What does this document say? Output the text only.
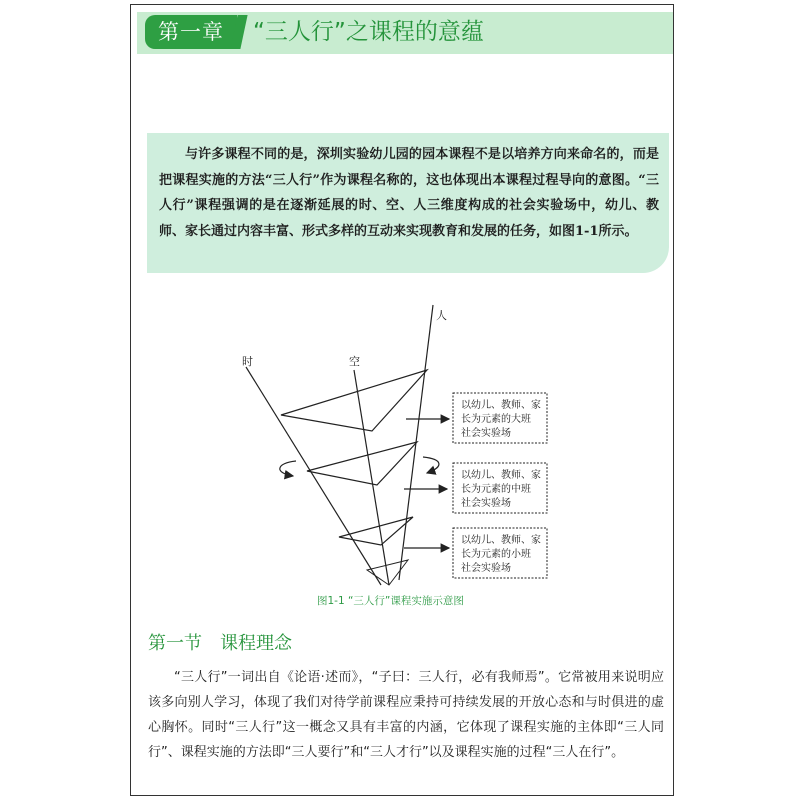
第一章	“三人行”之课程的意蕴
与许多课程不同的是，深圳实验幼儿园的园本课程不是以培养方向来命名的，而是把课程实施的方法“三人行”作为课程名称的，这也体现出本课程过程导向的意图。“三人行”课程强调的是在逐渐延展的时、空、人三维度构成的社会实验场中，幼儿、教师、家长通过内容丰富、形式多样的互动来实现教育和发展的任务，如图1-1所示。
时	空
人
以幼儿、教师、家
长为元素的大班
社会实验场
以幼儿、教师、家
长为元素的中班
社会实验场
以幼儿、教师、家
长为元素的小班
社会实验场
图1-1 “三人行”课程实施示意图
第一节 课程理念
“三人行”一词出自《论语·述而》，“子曰：三人行，必有我师焉”。它常被用来说明应该多向别人学习，体现了我们对待学前课程应秉持可持续发展的开放心态和与时俱进的虚心胸怀。同时“三人行”这一概念又具有丰富的内涵，它体现了课程实施的主体即“三人同行”、课程实施的方法即“三人要行”和“三人才行”以及课程实施的过程“三人在行”。
